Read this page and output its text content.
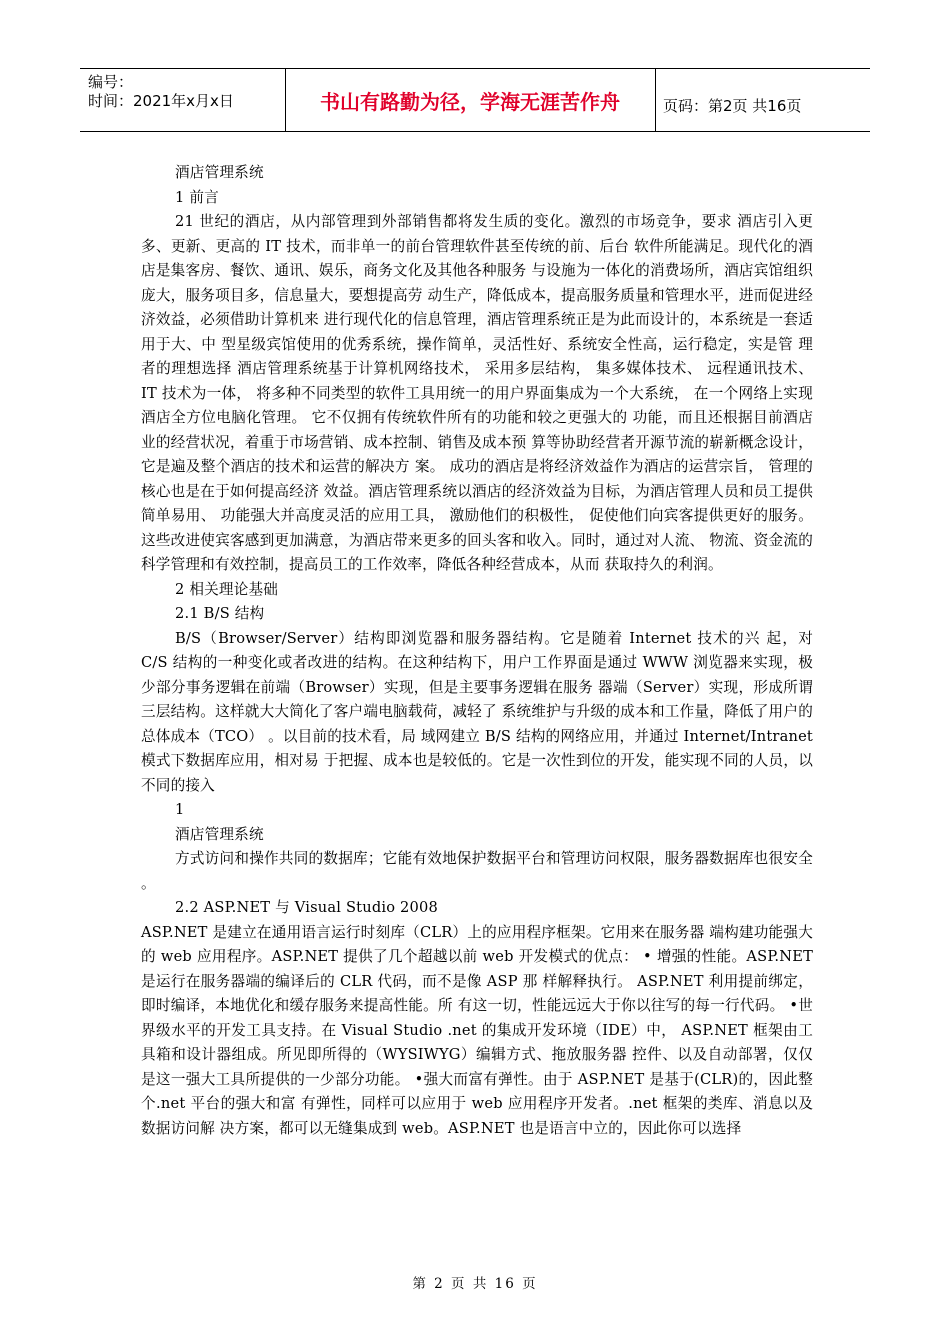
编号：
时间：2021年x月x日	书山有路勤为径，学海无涯苦作舟	页码：第2页 共16页

酒店管理系统

1 前言

21 世纪的酒店，从内部管理到外部销售都将发生质的变化。激烈的市场竞争，要求 酒店引入更多、更新、更高的 IT 技术，而非单一的前台管理软件甚至传统的前、后台 软件所能满足。现代化的酒店是集客房、餐饮、通讯、娱乐，商务文化及其他各种服务 与设施为一体化的消费场所，酒店宾馆组织庞大，服务项目多，信息量大，要想提高劳 动生产，降低成本，提高服务质量和管理水平，进而促进经济效益，必须借助计算机来 进行现代化的信息管理，酒店管理系统正是为此而设计的，本系统是一套适用于大、中 型星级宾馆使用的优秀系统，操作简单，灵活性好、系统安全性高，运行稳定，实是管 理者的理想选择 酒店管理系统基于计算机网络技术， 采用多层结构， 集多媒体技术、 远程通讯技术、 IT 技术为一体， 将多种不同类型的软件工具用统一的用户界面集成为一个大系统， 在一个网络上实现酒店全方位电脑化管理。 它不仅拥有传统软件所有的功能和较之更强大的 功能，而且还根据目前酒店业的经营状况，着重于市场营销、成本控制、销售及成本预 算等协助经营者开源节流的崭新概念设计，它是遍及整个酒店的技术和运营的解决方 案。 成功的酒店是将经济效益作为酒店的运营宗旨， 管理的核心也是在于如何提高经济 效益。酒店管理系统以酒店的经济效益为目标，为酒店管理人员和员工提供简单易用、 功能强大并高度灵活的应用工具， 激励他们的积极性， 促使他们向宾客提供更好的服务。 这些改进使宾客感到更加满意，为酒店带来更多的回头客和收入。同时，通过对人流、 物流、资金流的科学管理和有效控制，提高员工的工作效率，降低各种经营成本，从而 获取持久的利润。

2 相关理论基础

2.1 B/S 结构

B/S（Browser/Server）结构即浏览器和服务器结构。它是随着 Internet 技术的兴 起，对 C/S 结构的一种变化或者改进的结构。在这种结构下，用户工作界面是通过 WWW 浏览器来实现，极少部分事务逻辑在前端（Browser）实现，但是主要事务逻辑在服务 器端（Server）实现，形成所谓三层结构。这样就大大简化了客户端电脑载荷，减轻了 系统维护与升级的成本和工作量，降低了用户的总体成本（TCO） 。以目前的技术看，局 域网建立 B/S 结构的网络应用，并通过 Internet/Intranet 模式下数据库应用，相对易 于把握、成本也是较低的。它是一次性到位的开发，能实现不同的人员，以不同的接入

1

酒店管理系统

方式访问和操作共同的数据库；它能有效地保护数据平台和管理访问权限，服务器数据库也很安全 。

2.2 ASP.NET 与 Visual Studio 2008

ASP.NET 是建立在通用语言运行时刻库（CLR）上的应用程序框架。它用来在服务器 端构建功能强大的 web 应用程序。ASP.NET 提供了几个超越以前 web 开发模式的优点： • 增强的性能。ASP.NET 是运行在服务器端的编译后的 CLR 代码，而不是像 ASP 那 样解释执行。 ASP.NET 利用提前绑定，即时编译，本地优化和缓存服务来提高性能。所 有这一切，性能远远大于你以往写的每一行代码。 •世界级水平的开发工具支持。在 Visual Studio .net 的集成开发环境（IDE）中， ASP.NET 框架由工具箱和设计器组成。所见即所得的（WYSIWYG）编辑方式、拖放服务器 控件、以及自动部署，仅仅是这一强大工具所提供的一少部分功能。 •强大而富有弹性。由于 ASP.NET 是基于(CLR)的，因此整个.net 平台的强大和富 有弹性，同样可以应用于 web 应用程序开发者。.net 框架的类库、消息以及数据访问解 决方案，都可以无缝集成到 web。ASP.NET 也是语言中立的，因此你可以选择

第 2 页 共 16 页
